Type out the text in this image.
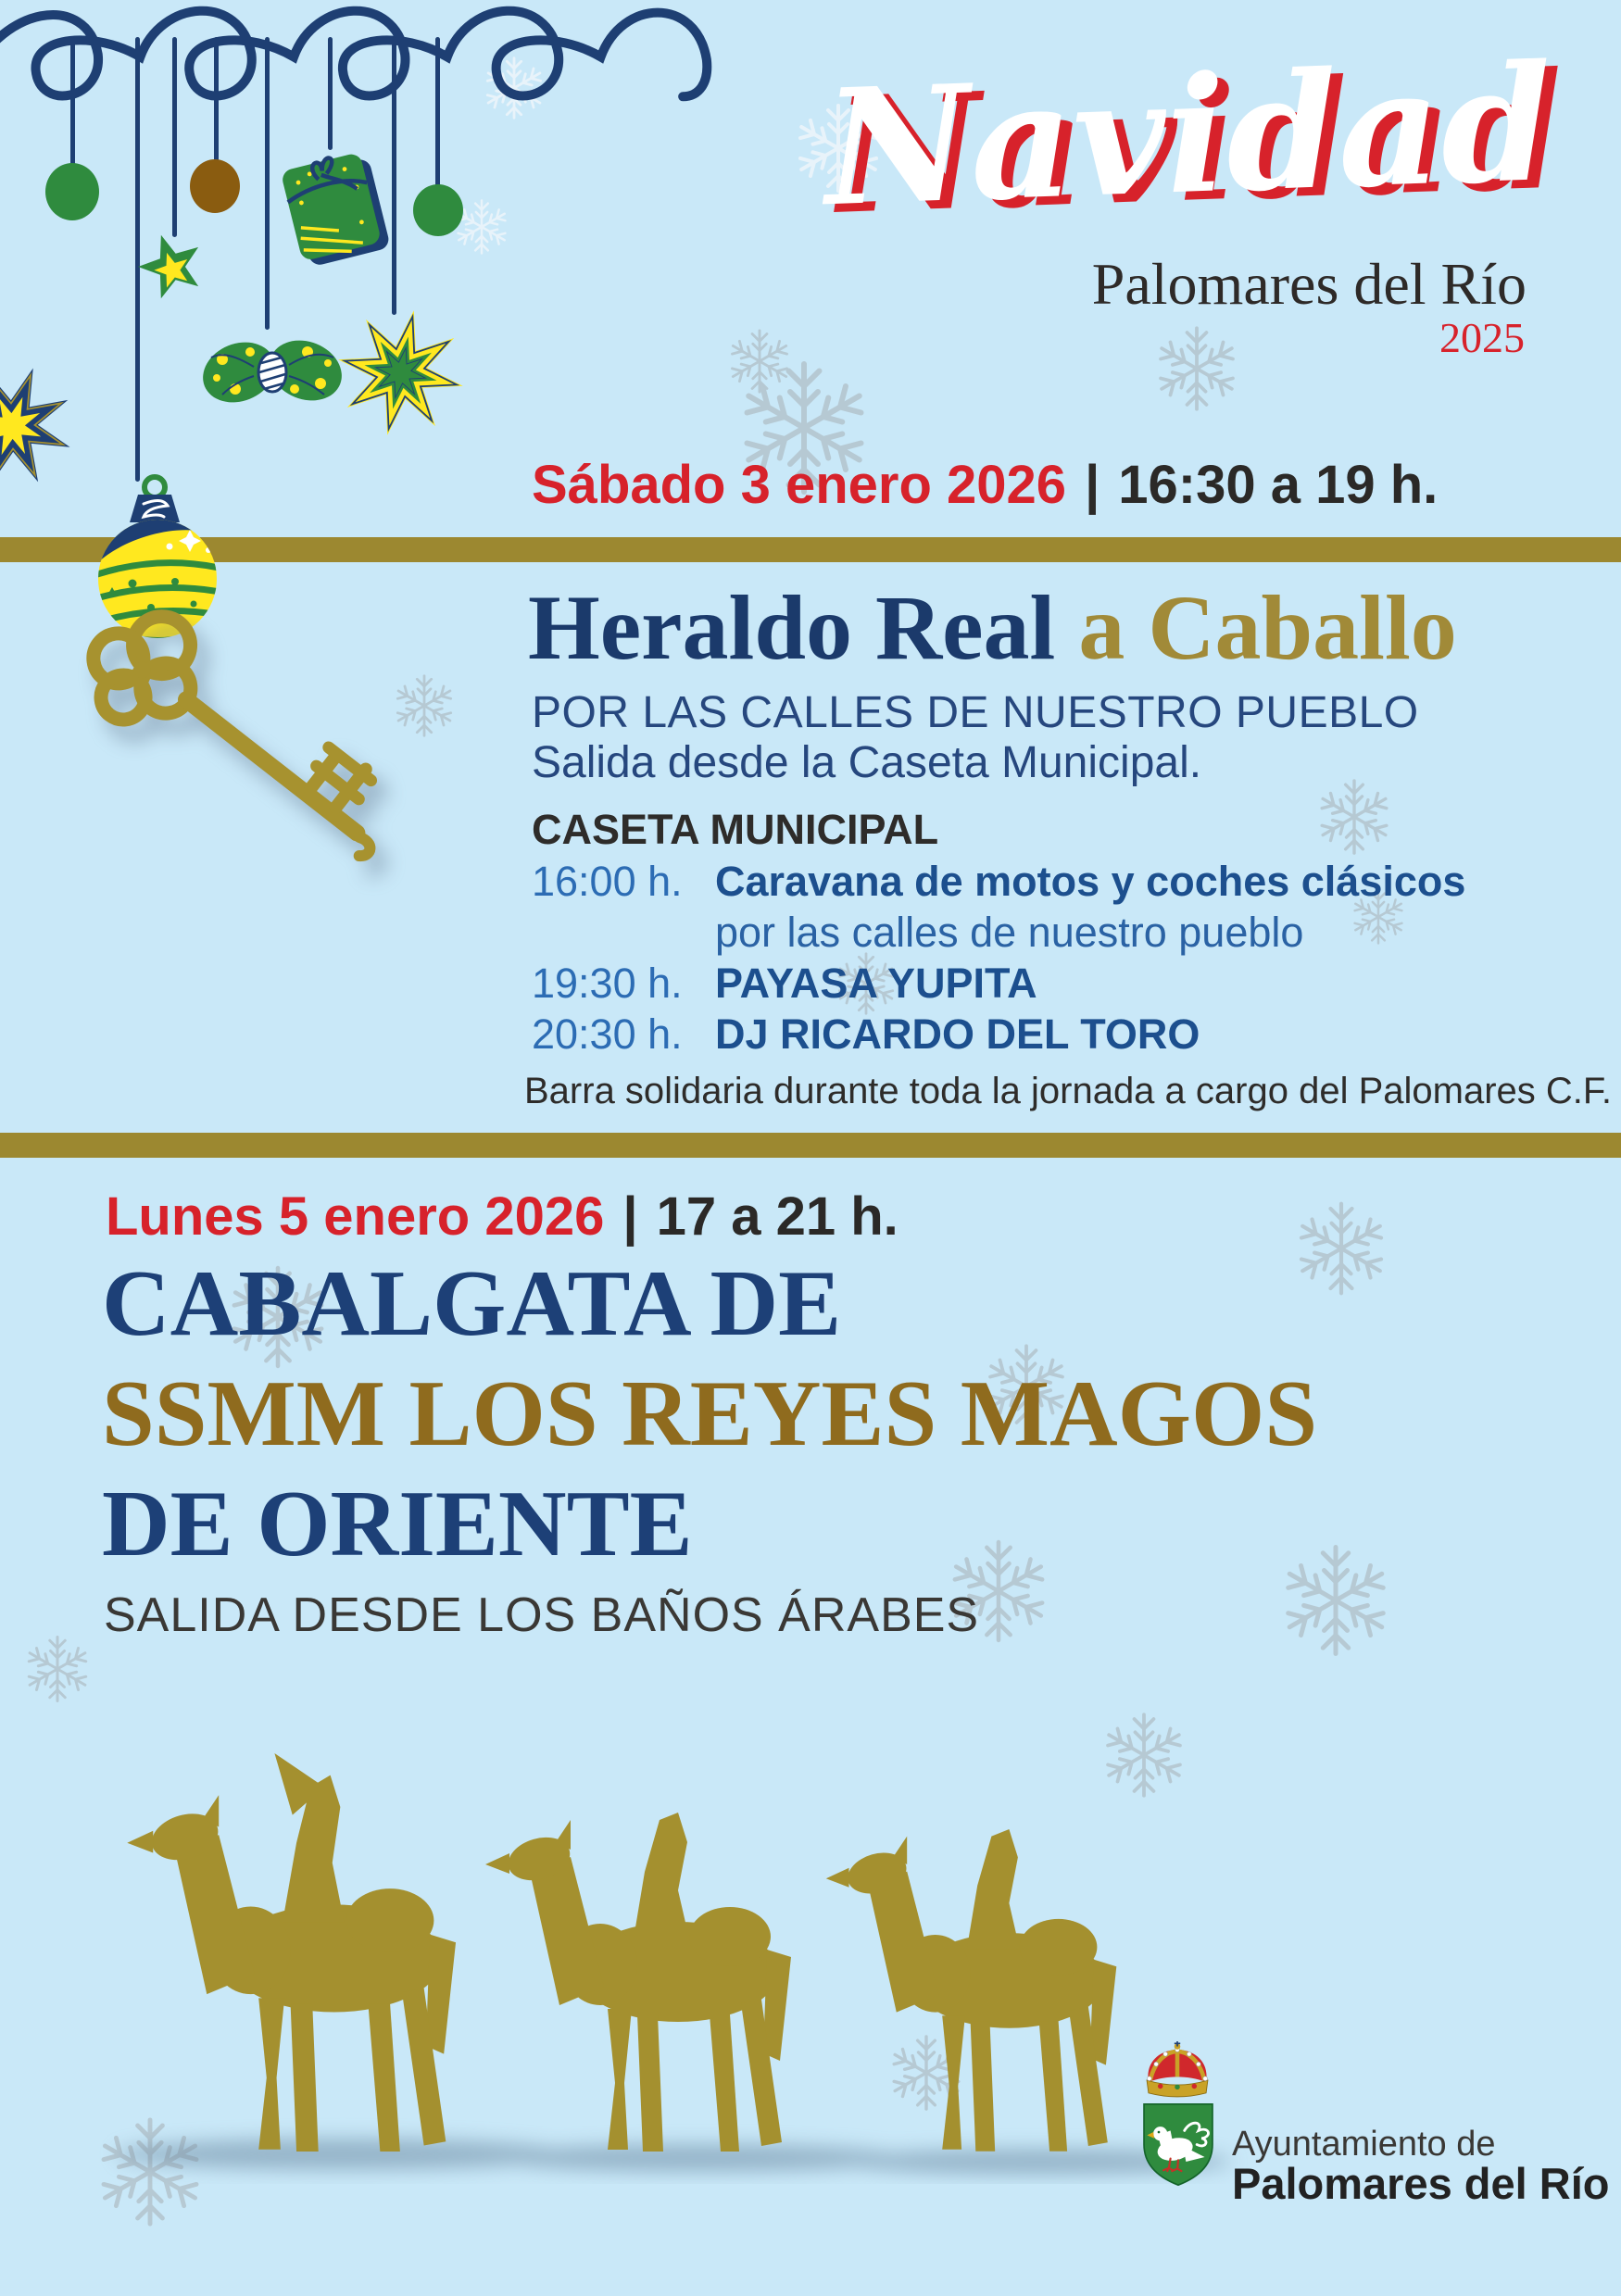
Navidad
Palomares del Río
2025
Sábado 3 enero 2026 | 16:30 a 19 h.
Heraldo Real a Caballo
POR LAS CALLES DE NUESTRO PUEBLO
Salida desde la Caseta Municipal.
CASETA MUNICIPAL
16:00 h. Caravana de motos y coches clásicos
por las calles de nuestro pueblo
19:30 h. PAYASA YUPITA
20:30 h. DJ RICARDO DEL TORO
Barra solidaria durante toda la jornada a cargo del Palomares C.F.
Lunes 5 enero 2026 | 17 a 21 h.
CABALGATA DE
SSMM LOS REYES MAGOS
DE ORIENTE
SALIDA DESDE LOS BAÑOS ÁRABES
Ayuntamiento de
Palomares del Río
